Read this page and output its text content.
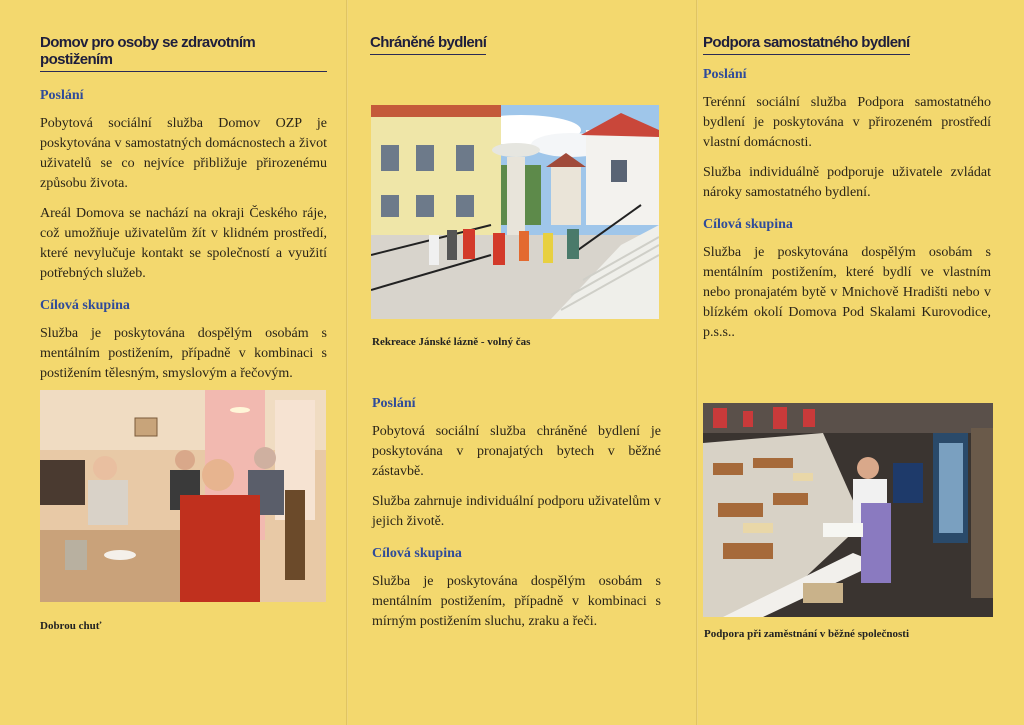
Domov pro osoby se zdravotním postižením
Poslání

Pobytová sociální služba Domov OZP je poskytována v samostatných domácnostech a život uživatelů se co nejvíce přibližuje přirozenému způsobu života.

Areál Domova se nachází na okraji Českého ráje, což umožňuje uživatelům žít v klidném prostředí, které nevylučuje kontakt se společností a využití potřebných služeb.

Cílová skupina

Služba je poskytována dospělým osobám s mentálním postižením, případně v kombinaci s postižením tělesným, smyslovým a řečovým.

Dobrou chuť

Chráněné bydlení

Rekreace Jánské lázně - volný čas

Poslání

Pobytová sociální služba chráněné bydlení je poskytována v pronajatých bytech v běžné zástavbě.

Služba zahrnuje individuální podporu uživatelům v jejich životě.

Cílová skupina

Služba je poskytována dospělým osobám s mentálním postižením, případně v kombinaci s mírným postižením sluchu, zraku a řeči.

Podpora samostatného bydlení
Poslání

Terénní sociální služba Podpora samostatného bydlení je poskytována v přirozeném prostředí vlastní domácnosti.

Služba individuálně podporuje uživatele zvládat nároky samostatného bydlení.

Cílová skupina

Služba je poskytována dospělým osobám s mentálním postižením, které bydlí ve vlastním nebo pronajatém bytě v Mnichově Hradišti nebo v blízkém okolí Domova Pod Skalami Kurovodice, p.s.s..

Podpora při zaměstnání v běžné společnosti
